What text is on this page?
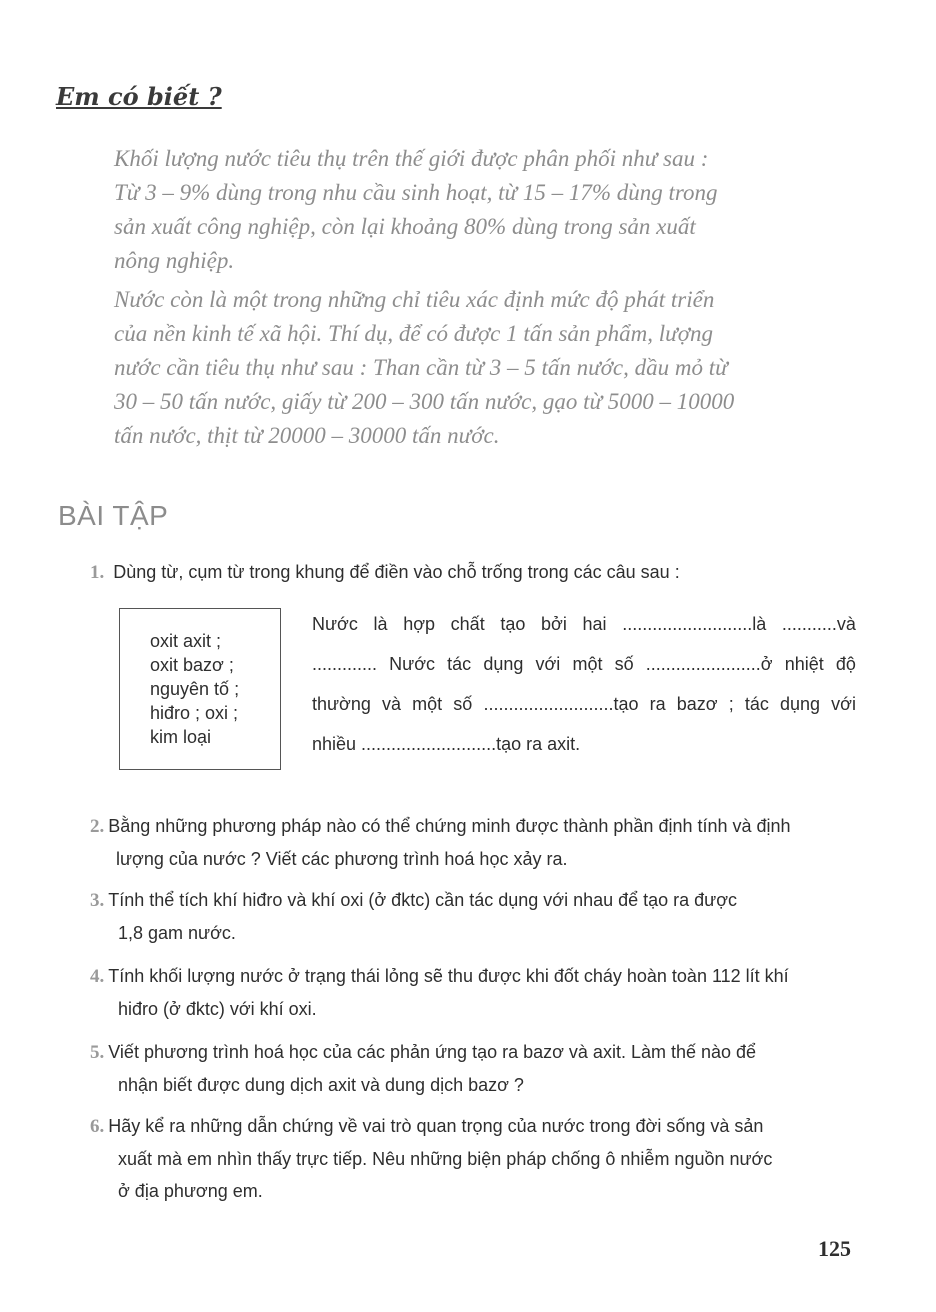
Em có biết ?
Khối lượng nước tiêu thụ trên thế giới được phân phối như sau :
Từ 3 – 9% dùng trong nhu cầu sinh hoạt, từ 15 – 17% dùng trong
sản xuất công nghiệp, còn lại khoảng 80% dùng trong sản xuất
nông nghiệp.
Nước còn là một trong những chỉ tiêu xác định mức độ phát triển
của nền kinh tế xã hội. Thí dụ, để có được 1 tấn sản phẩm, lượng
nước cần tiêu thụ như sau : Than cần từ 3 – 5 tấn nước, dầu mỏ từ
30 – 50 tấn nước, giấy từ 200 – 300 tấn nước, gạo từ 5000 – 10000
tấn nước, thịt từ 20000 – 30000 tấn nước.
BÀI TẬP
1. Dùng từ, cụm từ trong khung để điền vào chỗ trống trong các câu sau :
oxit axit ;
oxit bazơ ;
nguyên tố ;
hiđro ; oxi ;
kim loại
Nước là hợp chất tạo bởi hai ..........................là ...........và
............. Nước tác dụng với một số .......................ở nhiệt độ
thường và một số ..........................tạo ra bazơ ; tác dụng với
nhiều ...........................tạo ra axit.
2. Bằng những phương pháp nào có thể chứng minh được thành phần định tính và định
lượng của nước ? Viết các phương trình hoá học xảy ra.
3. Tính thể tích khí hiđro và khí oxi (ở đktc) cần tác dụng với nhau để tạo ra được
1,8 gam nước.
4. Tính khối lượng nước ở trạng thái lỏng sẽ thu được khi đốt cháy hoàn toàn 112 lít khí
hiđro (ở đktc) với khí oxi.
5. Viết phương trình hoá học của các phản ứng tạo ra bazơ và axit. Làm thế nào để
nhận biết được dung dịch axit và dung dịch bazơ ?
6. Hãy kể ra những dẫn chứng về vai trò quan trọng của nước trong đời sống và sản
xuất mà em nhìn thấy trực tiếp. Nêu những biện pháp chống ô nhiễm nguồn nước
ở địa phương em.
125
